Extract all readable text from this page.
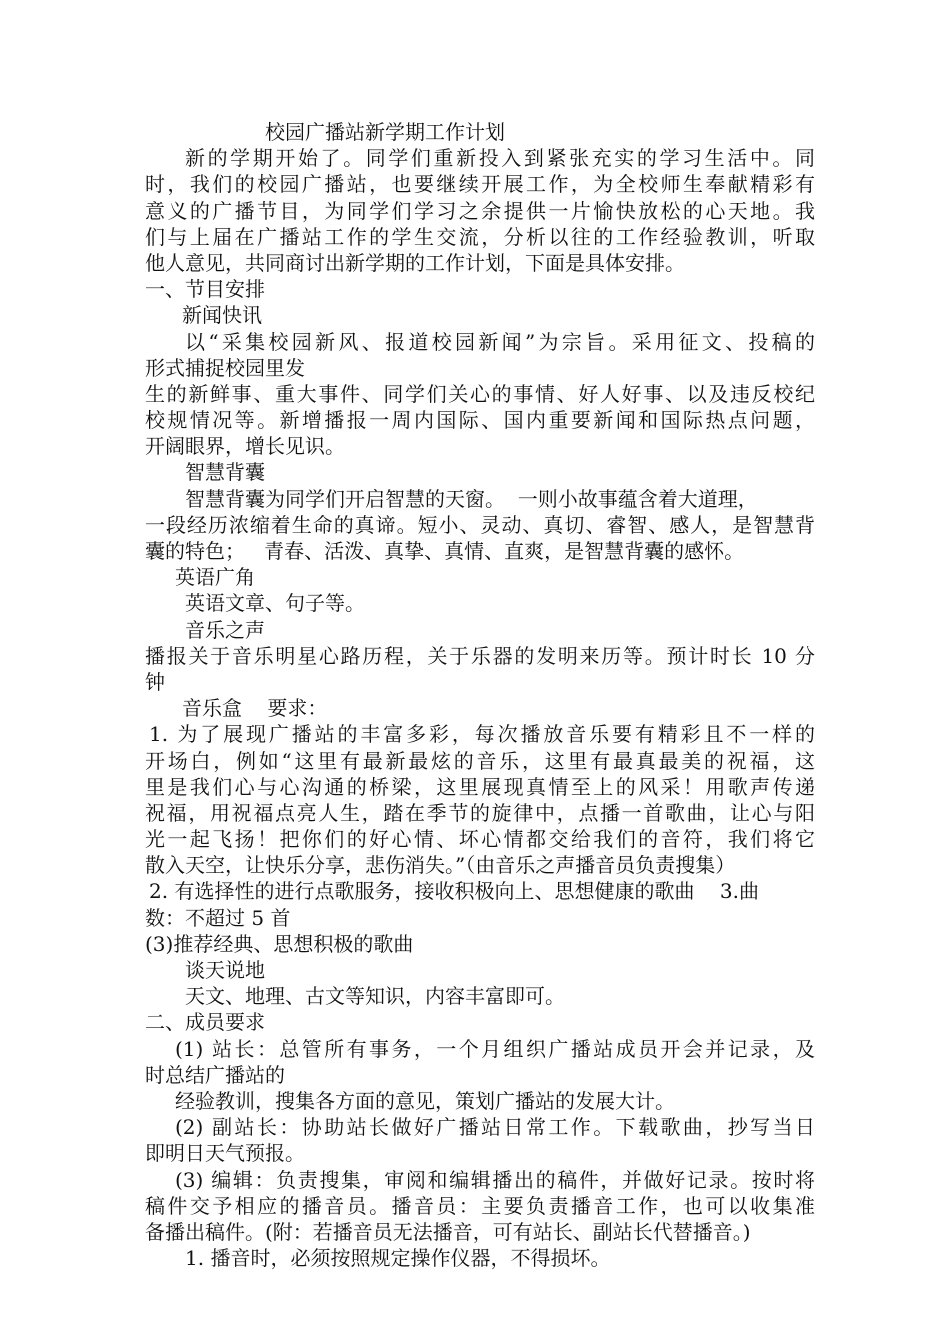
校园广播站新学期工作计划
新的学期开始了。同学们重新投入到紧张充实的学习生活中。同
时，我们的校园广播站，也要继续开展工作，为全校师生奉献精彩有
意义的广播节目，为同学们学习之余提供一片愉快放松的心天地。我
们与上届在广播站工作的学生交流，分析以往的工作经验教训，听取
他人意见，共同商讨出新学期的工作计划，下面是具体安排。
一、节目安排
新闻快讯
以“采集校园新风、报道校园新闻”为宗旨。采用征文、投稿的
形式捕捉校园里发
生的新鲜事、重大事件、同学们关心的事情、好人好事、以及违反校纪
校规情况等。新增播报一周内国际、国内重要新闻和国际热点问题，
开阔眼界，增长见识。
智慧背囊
智慧背囊为同学们开启智慧的天窗。  一则小故事蕴含着大道理，
一段经历浓缩着生命的真谛。短小、灵动、真切、睿智、感人，是智慧背
囊的特色；   青春、活泼、真挚、真情、直爽，是智慧背囊的感怀。
英语广角
英语文章、句子等。
音乐之声
播报关于音乐明星心路历程，关于乐器的发明来历等。预计时长 10 分
钟
音乐盒    要求：
1. 为了展现广播站的丰富多彩，每次播放音乐要有精彩且不一样的
开场白，例如“这里有最新最炫的音乐，这里有最真最美的祝福，这
里是我们心与心沟通的桥梁，这里展现真情至上的风采！用歌声传递
祝福，用祝福点亮人生，踏在季节的旋律中，点播一首歌曲，让心与阳
光一起飞扬！把你们的好心情、坏心情都交给我们的音符，我们将它
散入天空，让快乐分享，悲伤消失。”（由音乐之声播音员负责搜集）
2. 有选择性的进行点歌服务，接收积极向上、思想健康的歌曲    3.曲
数：不超过 5 首
(3)推荐经典、思想积极的歌曲
谈天说地
天文、地理、古文等知识，内容丰富即可。
二、成员要求
(1) 站长：总管所有事务，一个月组织广播站成员开会并记录，及
时总结广播站的
经验教训，搜集各方面的意见，策划广播站的发展大计。
(2) 副站长：协助站长做好广播站日常工作。下载歌曲，抄写当日
即明日天气预报。
(3) 编辑：负责搜集，审阅和编辑播出的稿件，并做好记录。按时将
稿件交予相应的播音员。播音员：主要负责播音工作，也可以收集准
备播出稿件。(附：若播音员无法播音，可有站长、副站长代替播音。)
1. 播音时，必须按照规定操作仪器，不得损坏。
